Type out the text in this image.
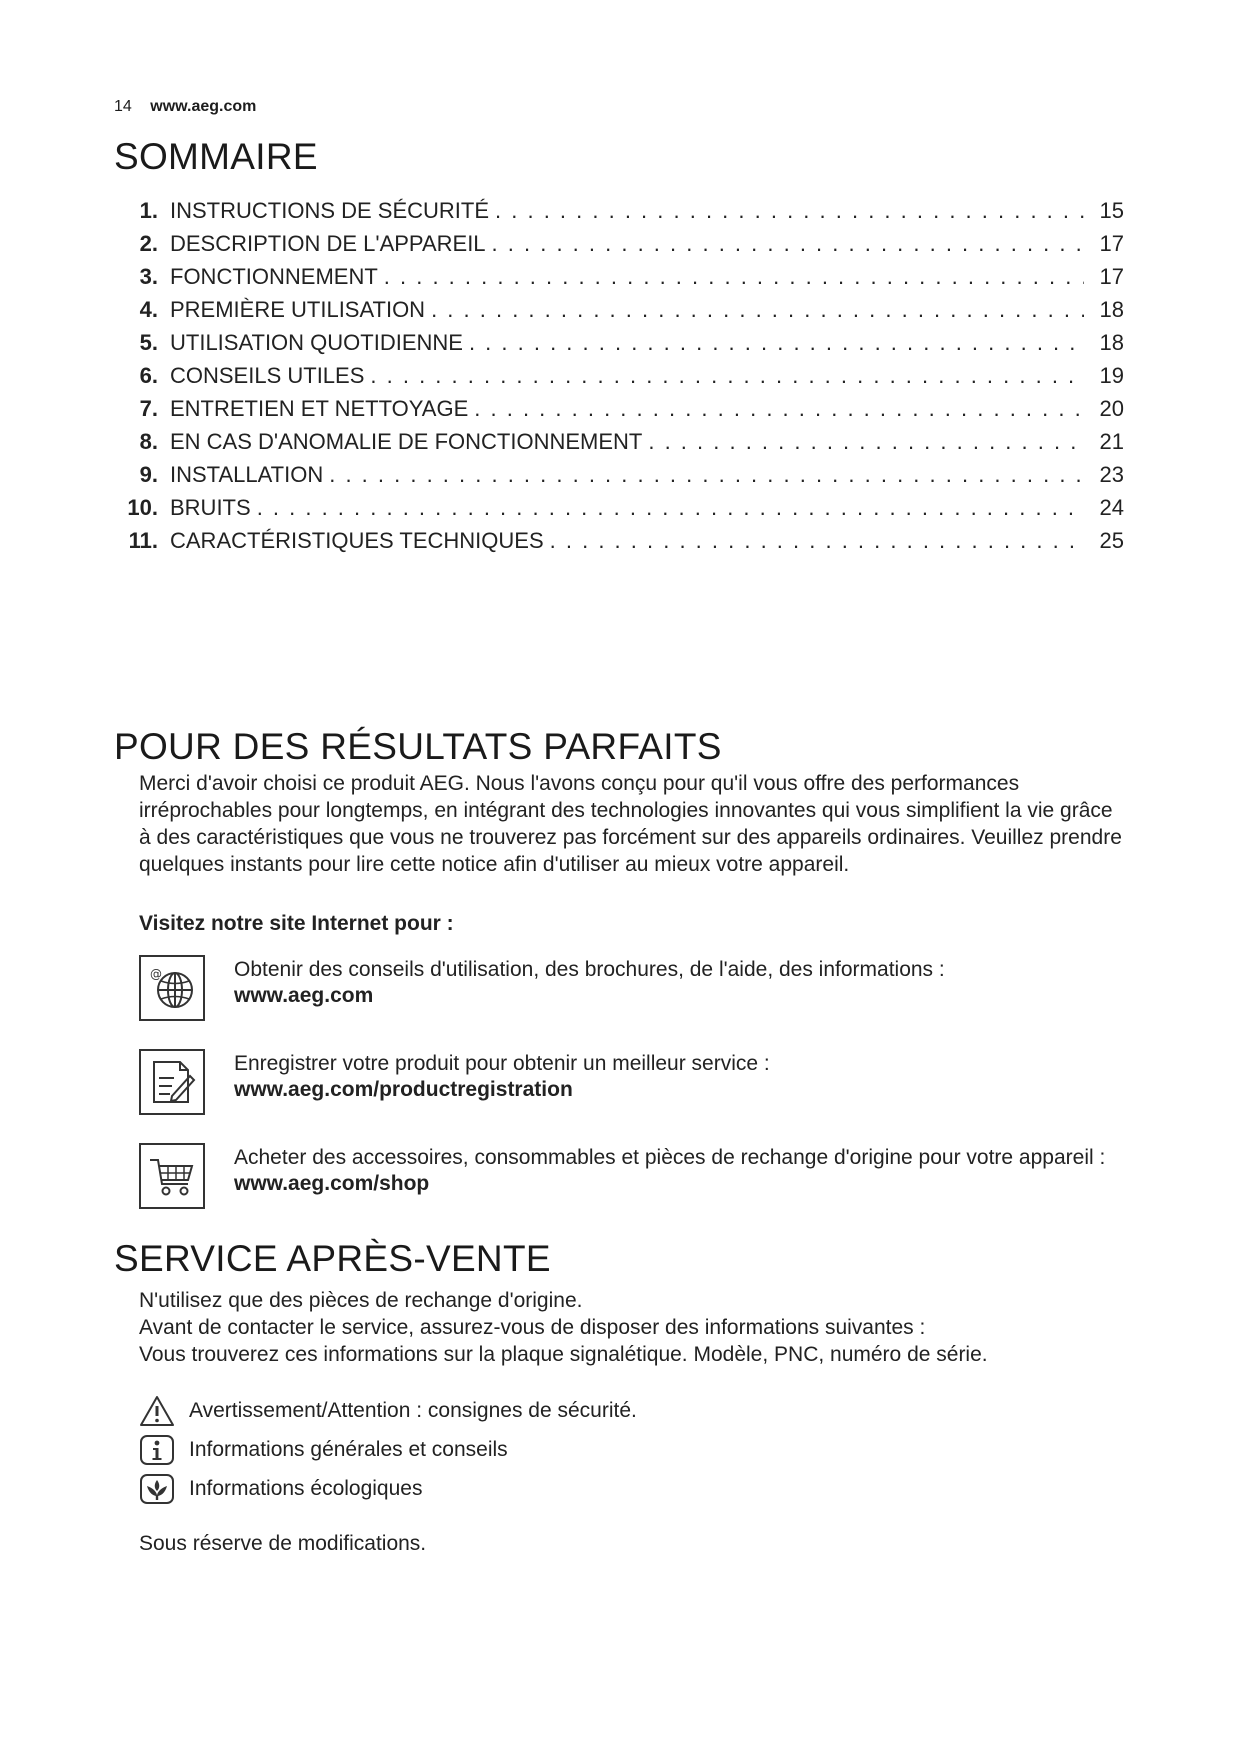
14 www.aeg.com
SOMMAIRE
1. INSTRUCTIONS DE SÉCURITÉ . . .	15
2. DESCRIPTION DE L'APPAREIL . . .	17
3. FONCTIONNEMENT . . .	17
4. PREMIÈRE UTILISATION . . .	18
5. UTILISATION QUOTIDIENNE . . .	18
6. CONSEILS UTILES . . .	19
7. ENTRETIEN ET NETTOYAGE . . .	20
8. EN CAS D'ANOMALIE DE FONCTIONNEMENT . . .	21
9. INSTALLATION . . .	23
10. BRUITS . . .	24
11. CARACTÉRISTIQUES TECHNIQUES . . .	25
POUR DES RÉSULTATS PARFAITS
Merci d'avoir choisi ce produit AEG. Nous l'avons conçu pour qu'il vous offre des performances irréprochables pour longtemps, en intégrant des technologies innovantes qui vous simplifient la vie grâce à des caractéristiques que vous ne trouverez pas forcément sur des appareils ordinaires. Veuillez prendre quelques instants pour lire cette notice afin d'utiliser au mieux votre appareil.
Visitez notre site Internet pour :
@	Obtenir des conseils d'utilisation, des brochures, de l'aide, des informations :
www.aeg.com
Enregistrer votre produit pour obtenir un meilleur service :
www.aeg.com/productregistration
Acheter des accessoires, consommables et pièces de rechange d'origine pour votre appareil :
www.aeg.com/shop
SERVICE APRÈS-VENTE
N'utilisez que des pièces de rechange d'origine.
Avant de contacter le service, assurez-vous de disposer des informations suivantes :
Vous trouverez ces informations sur la plaque signalétique. Modèle, PNC, numéro de série.
Avertissement/Attention : consignes de sécurité.
Informations générales et conseils
Informations écologiques
Sous réserve de modifications.
